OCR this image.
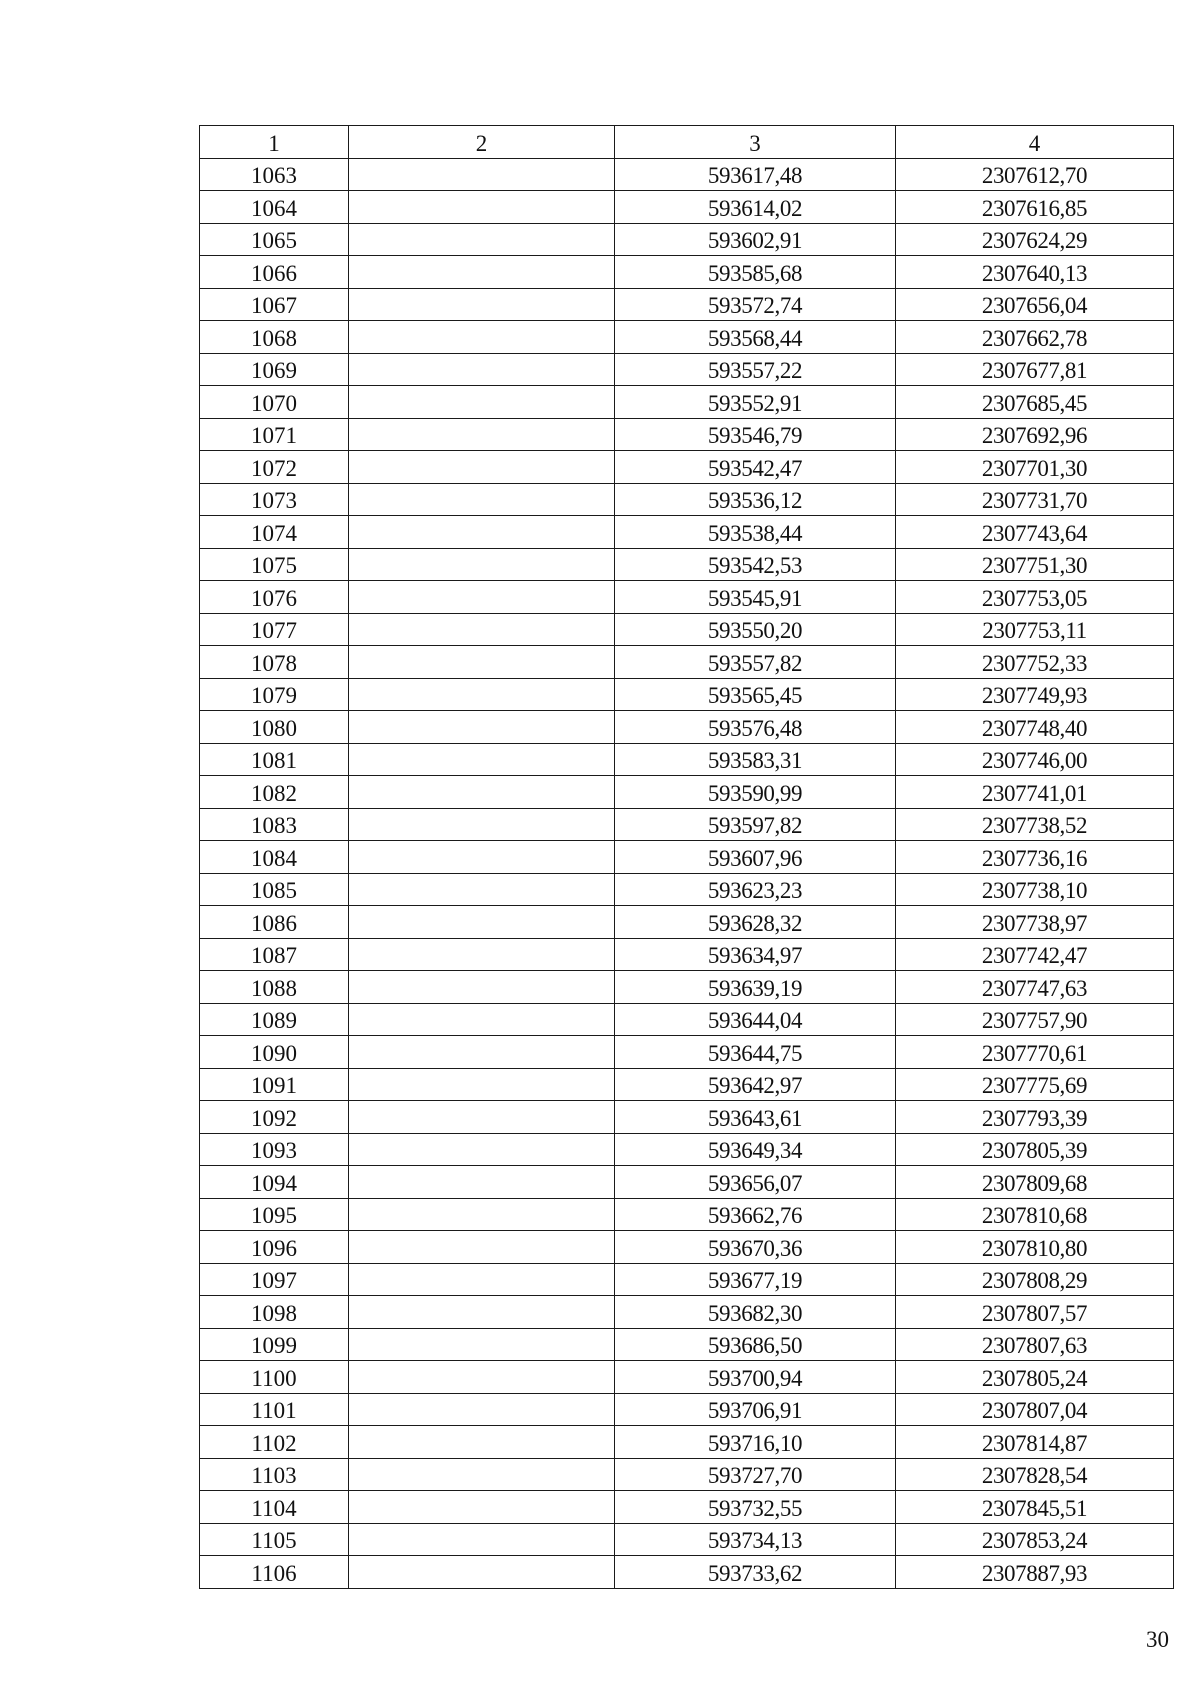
1	2	3	4
1063		593617,48	2307612,70
1064		593614,02	2307616,85
1065		593602,91	2307624,29
1066		593585,68	2307640,13
1067		593572,74	2307656,04
1068		593568,44	2307662,78
1069		593557,22	2307677,81
1070		593552,91	2307685,45
1071		593546,79	2307692,96
1072		593542,47	2307701,30
1073		593536,12	2307731,70
1074		593538,44	2307743,64
1075		593542,53	2307751,30
1076		593545,91	2307753,05
1077		593550,20	2307753,11
1078		593557,82	2307752,33
1079		593565,45	2307749,93
1080		593576,48	2307748,40
1081		593583,31	2307746,00
1082		593590,99	2307741,01
1083		593597,82	2307738,52
1084		593607,96	2307736,16
1085		593623,23	2307738,10
1086		593628,32	2307738,97
1087		593634,97	2307742,47
1088		593639,19	2307747,63
1089		593644,04	2307757,90
1090		593644,75	2307770,61
1091		593642,97	2307775,69
1092		593643,61	2307793,39
1093		593649,34	2307805,39
1094		593656,07	2307809,68
1095		593662,76	2307810,68
1096		593670,36	2307810,80
1097		593677,19	2307808,29
1098		593682,30	2307807,57
1099		593686,50	2307807,63
1100		593700,94	2307805,24
1101		593706,91	2307807,04
1102		593716,10	2307814,87
1103		593727,70	2307828,54
1104		593732,55	2307845,51
1105		593734,13	2307853,24
1106		593733,62	2307887,93
30
